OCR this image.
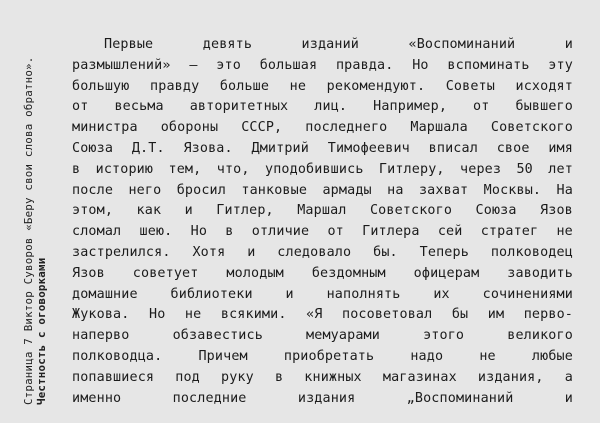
Страница 7 Виктор Суворов «Беру свои слова обратно». Честность с оговорками
Первые	девять	изданий	«Воспоминаний	и
размышлений» — это большая правда. Но вспоминать эту
большую правду больше не рекомендуют. Советы исходят
от весьма авторитетных лиц. Например, от бывшего
министра обороны СССР, последнего Маршала Советского
Союза Д.Т. Язова. Дмитрий Тимофеевич вписал свое имя
в историю тем, что, уподобившись Гитлеру, через 50 лет
после него бросил танковые армады на захват Москвы. На
этом, как и Гитлер, Маршал Советского Союза Язов
сломал шею. Но в отличие от Гитлера сей стратег не
застрелился. Хотя и следовало бы. Теперь полководец
Язов советует молодым бездомным офицерам заводить
домашние библиотеки и наполнять их сочинениями
Жукова. Но не всякими. «Я посоветовал бы им перво-
наперво	обзавестись	мемуарами	этого	великого
полководца.	Причем	приобретать	надо	не	любые
попавшиеся под руку в книжных магазинах издания, а
именно	последние	издания	„Воспоминаний	и
